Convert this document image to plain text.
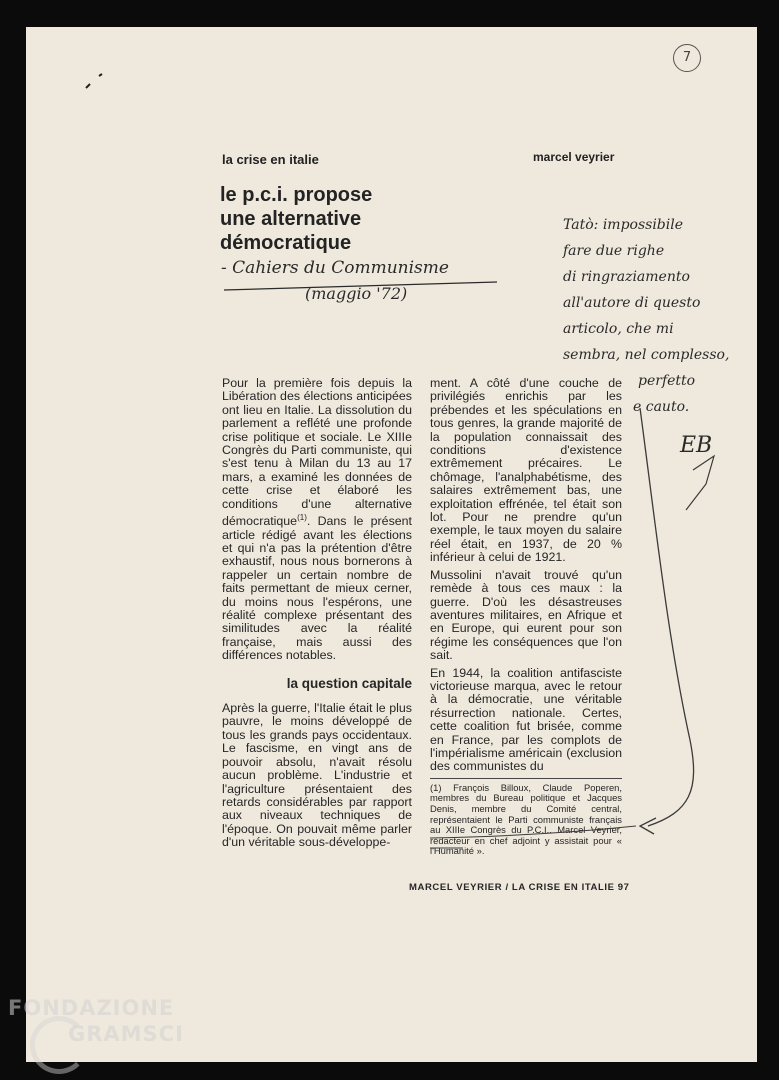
7
la crise en italie	marcel veyrier
le p.c.i. propose
une alternative
démocratique
- Cahiers du Communisme
(maggio '72)

Pour la première fois depuis la Libération des élections anticipées ont lieu en Italie. La dissolution du parlement a reflété une profonde crise politique et sociale. Le XIIIe Congrès du Parti communiste, qui s'est tenu à Milan du 13 au 17 mars, a examiné les données de cette crise et élaboré les conditions d'une alternative démocratique$^{(1)}$. Dans le présent article rédigé avant les élections et qui n'a pas la prétention d'être exhaustif, nous nous bornerons à rappeler un certain nombre de faits permettant de mieux cerner, du moins nous l'espérons, une réalité complexe présentant des similitudes avec la réalité française, mais aussi des différences notables.

la question capitale

Après la guerre, l'Italie était le plus pauvre, le moins développé de tous les grands pays occidentaux. Le fascisme, en vingt ans de pouvoir absolu, n'avait résolu aucun problème. L'industrie et l'agriculture présentaient des retards considérables par rapport aux niveaux techniques de l'époque. On pouvait même parler d'un véritable sous-développe-

ment. A côté d'une couche de privilégiés enrichis par les prébendes et les spéculations en tous genres, la grande majorité de la population connaissait des conditions d'existence extrêmement précaires. Le chômage, l'analphabétisme, des salaires extrêmement bas, une exploitation effrénée, tel était son lot. Pour ne prendre qu'un exemple, le taux moyen du salaire réel était, en 1937, de 20 % inférieur à celui de 1921.

Mussolini n'avait trouvé qu'un remède à tous ces maux : la guerre. D'où les désastreuses aventures militaires, en Afrique et en Europe, qui eurent pour son régime les conséquences que l'on sait.

En 1944, la coalition antifasciste victorieuse marqua, avec le retour à la démocratie, une véritable résurrection nationale. Certes, cette coalition fut brisée, comme en France, par les complots de l'impérialisme américain (exclusion des communistes du

(1) François Billoux, Claude Poperen, membres du Bureau politique et Jacques Denis, membre du Comité central, représentaient le Parti communiste français au XIIIe Congrès du P.C.I.. Marcel Veyrier, rédacteur en chef adjoint y assistait pour « l'Humanité ».

MARCEL VEYRIER / LA CRISE EN ITALIE 97
Tatò: impossibile
fare due righe
di ringraziamento
all'autore di questo
articolo, che mi
sembra, nel complesso,
perfetto
e cauto.
EB
FONDAZIONE
GRAMSCI
